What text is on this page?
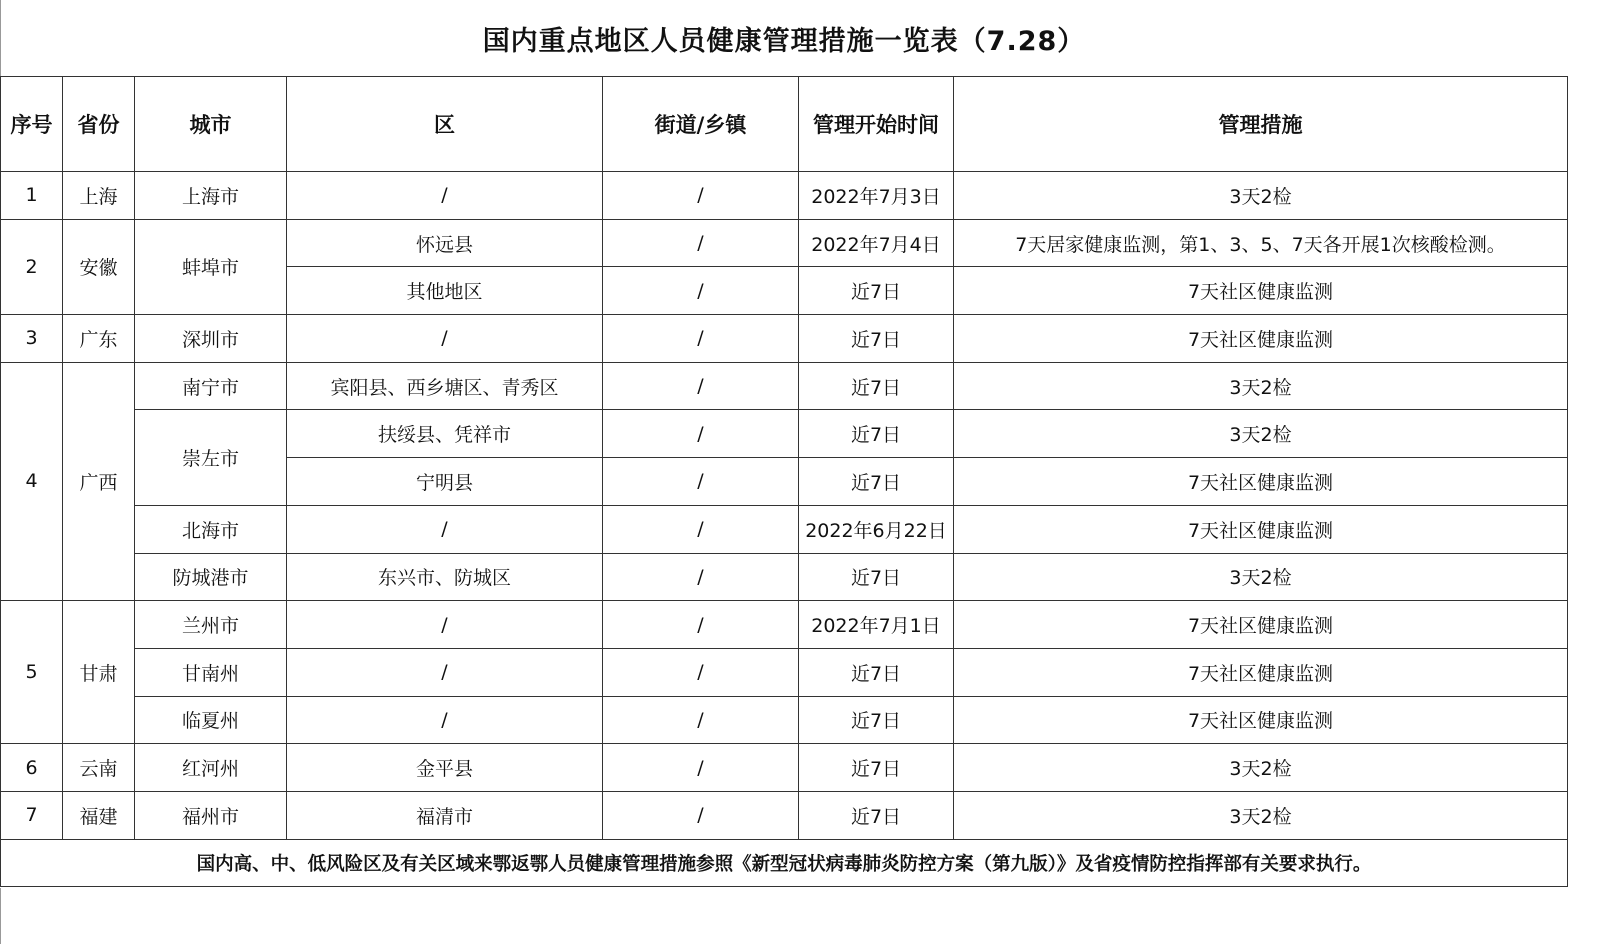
国内重点地区人员健康管理措施一览表（7.28）
序号	省份	城市	区	街道/乡镇	管理开始时间	管理措施
1	上海	上海市	/	/	2022年7月3日	3天2检
2	安徽	蚌埠市	怀远县	/	2022年7月4日	7天居家健康监测，第1、3、5、7天各开展1次核酸检测。
			其他地区	/	近7日	7天社区健康监测
3	广东	深圳市	/	/	近7日	7天社区健康监测
4	广西	南宁市	宾阳县、西乡塘区、青秀区	/	近7日	3天2检
		崇左市	扶绥县、凭祥市	/	近7日	3天2检
			宁明县	/	近7日	7天社区健康监测
		北海市	/	/	2022年6月22日	7天社区健康监测
		防城港市	东兴市、防城区	/	近7日	3天2检
5	甘肃	兰州市	/	/	2022年7月1日	7天社区健康监测
		甘南州	/	/	近7日	7天社区健康监测
		临夏州	/	/	近7日	7天社区健康监测
6	云南	红河州	金平县	/	近7日	3天2检
7	福建	福州市	福清市	/	近7日	3天2检
国内高、中、低风险区及有关区域来鄂返鄂人员健康管理措施参照《新型冠状病毒肺炎防控方案（第九版）》及省疫情防控指挥部有关要求执行。						
